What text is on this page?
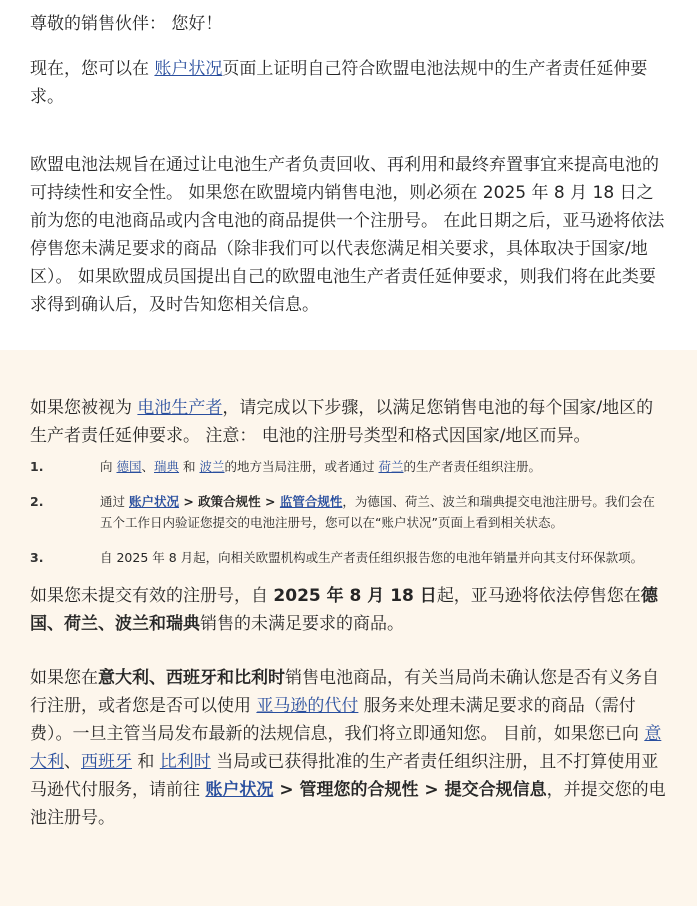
尊敬的销售伙伴： 您好！

现在，您可以在 账户状况页面上证明自己符合欧盟电池法规中的生产者责任延伸要求。

欧盟电池法规旨在通过让电池生产者负责回收、再利用和最终弃置事宜来提高电池的可持续性和安全性。 如果您在欧盟境内销售电池，则必须在 2025 年 8 月 18 日之前为您的电池商品或内含电池的商品提供一个注册号。 在此日期之后，亚马逊将依法停售您未满足要求的商品（除非我们可以代表您满足相关要求，具体取决于国家/地区）。 如果欧盟成员国提出自己的欧盟电池生产者责任延伸要求，则我们将在此类要求得到确认后，及时告知您相关信息。

如果您被视为 电池生产者，请完成以下步骤，以满足您销售电池的每个国家/地区的生产者责任延伸要求。 注意： 电池的注册号类型和格式因国家/地区而异。

1.	向 德国、瑞典 和 波兰的地方当局注册，或者通过 荷兰的生产者责任组织注册。
2.	通过 账户状况 > 政策合规性 > 监管合规性，为德国、荷兰、波兰和瑞典提交电池注册号。我们会在五个工作日内验证您提交的电池注册号，您可以在“账户状况”页面上看到相关状态。
3.	自 2025 年 8 月起，向相关欧盟机构或生产者责任组织报告您的电池年销量并向其支付环保款项。

如果您未提交有效的注册号，自 2025 年 8 月 18 日起，亚马逊将依法停售您在德国、荷兰、波兰和瑞典销售的未满足要求的商品。

如果您在意大利、西班牙和比利时销售电池商品，有关当局尚未确认您是否有义务自行注册，或者您是否可以使用 亚马逊的代付 服务来处理未满足要求的商品（需付费）。一旦主管当局发布最新的法规信息，我们将立即通知您。 目前，如果您已向 意大利、西班牙 和 比利时 当局或已获得批准的生产者责任组织注册，且不打算使用亚马逊代付服务，请前往 账户状况 > 管理您的合规性 > 提交合规信息，并提交您的电池注册号。
